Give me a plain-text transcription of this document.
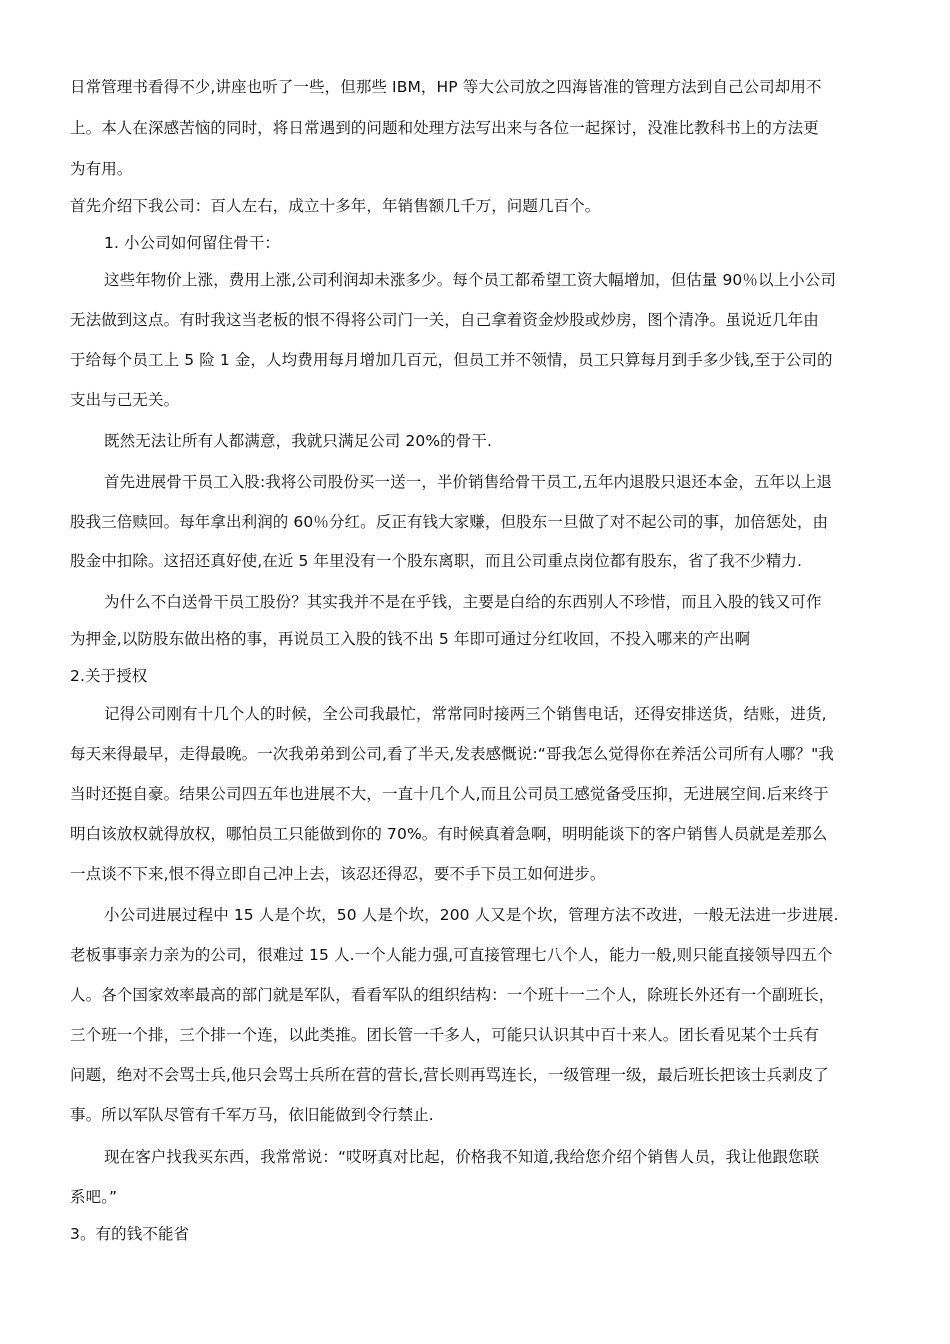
日常管理书看得不少,讲座也听了一些，但那些 IBM，HP 等大公司放之四海皆准的管理方法到自己公司却用不
上。本人在深感苦恼的同时，将日常遇到的问题和处理方法写出来与各位一起探讨，没准比教科书上的方法更
为有用。
首先介绍下我公司：百人左右，成立十多年，年销售额几千万，问题几百个。
1. 小公司如何留住骨干：
这些年物价上涨，费用上涨,公司利润却未涨多少。每个员工都希望工资大幅增加，但估量 90％以上小公司
无法做到这点。有时我这当老板的恨不得将公司门一关，自己拿着资金炒股或炒房，图个清净。虽说近几年由
于给每个员工上 5 险 1 金，人均费用每月增加几百元，但员工并不领情，员工只算每月到手多少钱,至于公司的
支出与己无关。
既然无法让所有人都满意，我就只满足公司 20%的骨干.
首先进展骨干员工入股:我将公司股份买一送一，半价销售给骨干员工,五年内退股只退还本金，五年以上退
股我三倍赎回。每年拿出利润的 60％分红。反正有钱大家赚，但股东一旦做了对不起公司的事，加倍惩处，由
股金中扣除。这招还真好使,在近 5 年里没有一个股东离职，而且公司重点岗位都有股东，省了我不少精力.
为什么不白送骨干员工股份？其实我并不是在乎钱，主要是白给的东西别人不珍惜，而且入股的钱又可作
为押金,以防股东做出格的事，再说员工入股的钱不出 5 年即可通过分红收回，不投入哪来的产出啊
2.关于授权
记得公司刚有十几个人的时候，全公司我最忙，常常同时接两三个销售电话，还得安排送货，结账，进货,
每天来得最早，走得最晚。一次我弟弟到公司,看了半天,发表感慨说:“哥我怎么觉得你在养活公司所有人哪？"我
当时还挺自豪。结果公司四五年也进展不大，一直十几个人,而且公司员工感觉备受压抑，无进展空间.后来终于
明白该放权就得放权，哪怕员工只能做到你的 70%。有时候真着急啊，明明能谈下的客户销售人员就是差那么
一点谈不下来,恨不得立即自己冲上去，该忍还得忍，要不手下员工如何进步。
小公司进展过程中 15 人是个坎，50 人是个坎，200 人又是个坎，管理方法不改进，一般无法进一步进展.
老板事事亲力亲为的公司，很难过 15 人.一个人能力强,可直接管理七八个人，能力一般,则只能直接领导四五个
人。各个国家效率最高的部门就是军队，看看军队的组织结构：一个班十一二个人，除班长外还有一个副班长，
三个班一个排，三个排一个连，以此类推。团长管一千多人，可能只认识其中百十来人。团长看见某个士兵有
问题，绝对不会骂士兵,他只会骂士兵所在营的营长,营长则再骂连长，一级管理一级，最后班长把该士兵剥皮了
事。所以军队尽管有千军万马，依旧能做到令行禁止.
现在客户找我买东西，我常常说：“哎呀真对比起，价格我不知道,我给您介绍个销售人员，我让他跟您联
系吧。”
3。有的钱不能省
